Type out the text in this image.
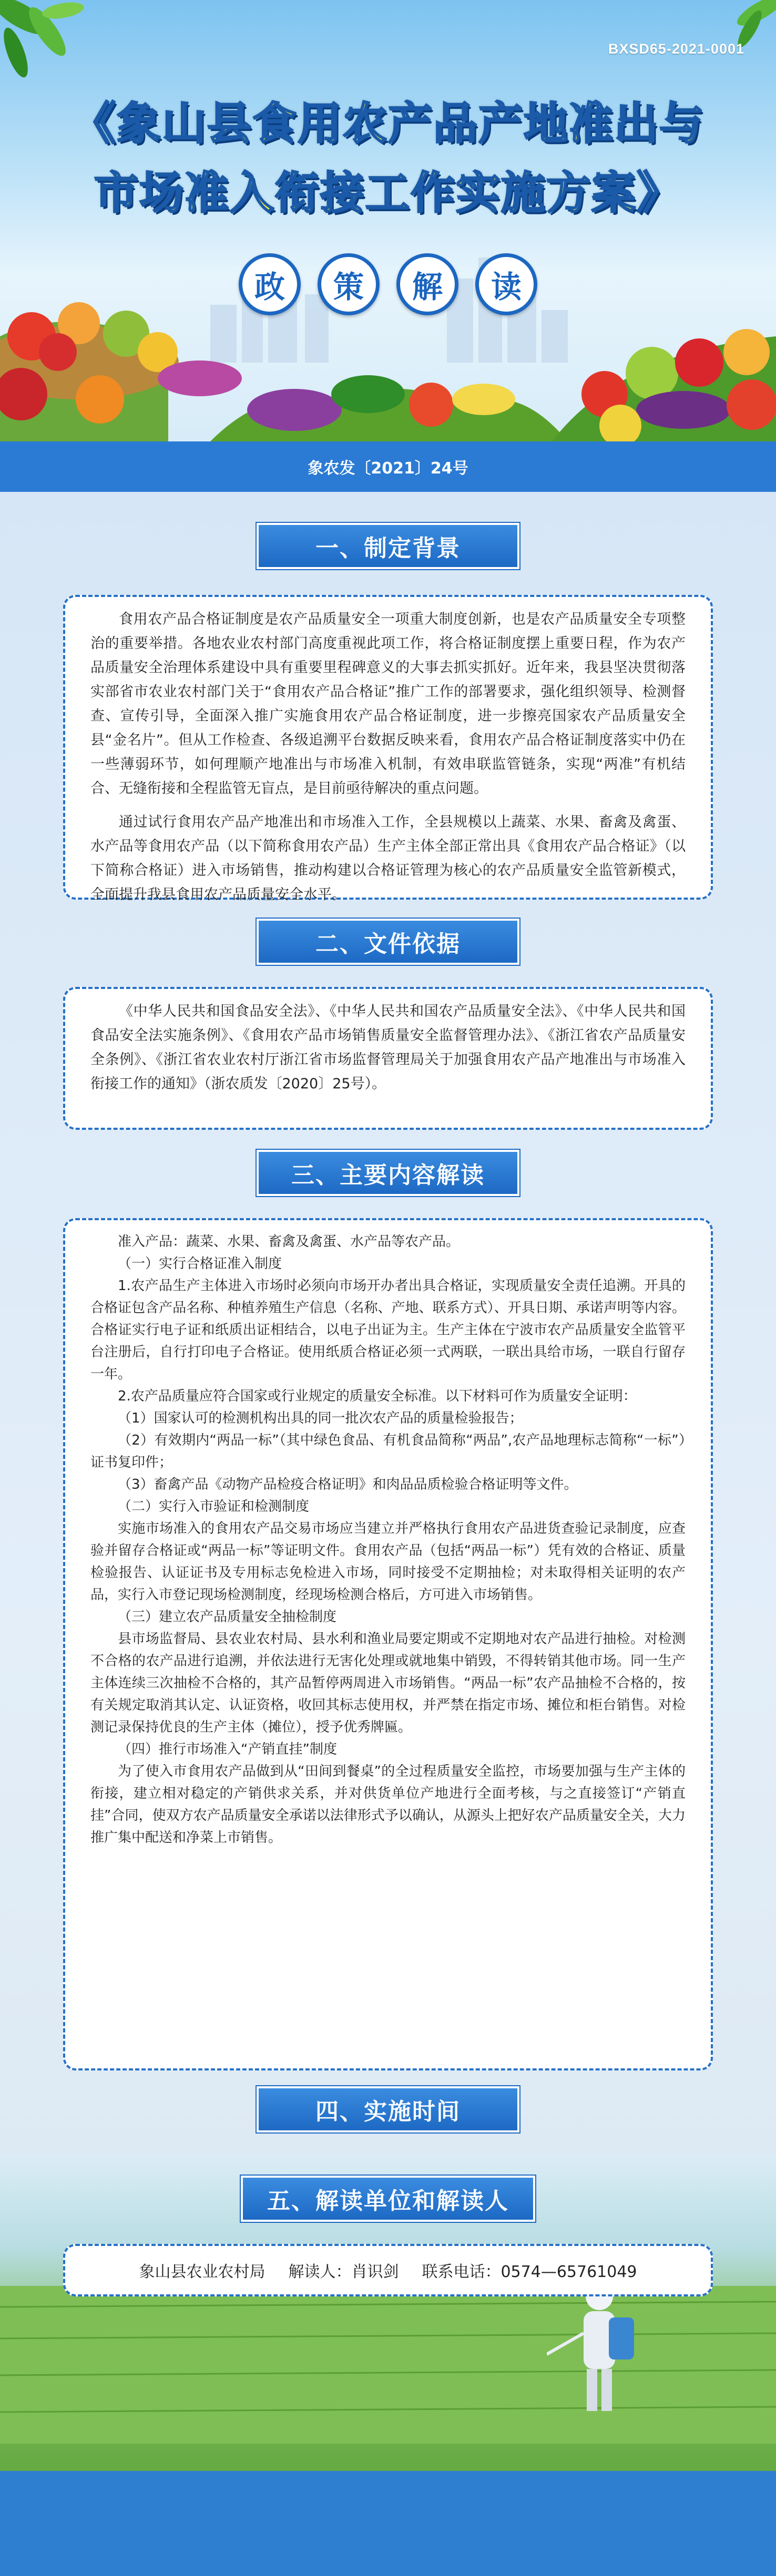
BXSD65-2021-0001
《象山县食用农产品产地准出与
市场准入衔接工作实施方案》
政	策	解	读
象农发〔2021〕24号
一、制定背景

食用农产品合格证制度是农产品质量安全一项重大制度创新，也是农产品质量安全专项整治的重要举措。各地农业农村部门高度重视此项工作，将合格证制度摆上重要日程，作为农产品质量安全治理体系建设中具有重要里程碑意义的大事去抓实抓好。近年来，我县坚决贯彻落实部省市农业农村部门关于“食用农产品合格证”推广工作的部署要求，强化组织领导、检测督查、宣传引导，全面深入推广实施食用农产品合格证制度，进一步擦亮国家农产品质量安全县“金名片”。但从工作检查、各级追溯平台数据反映来看，食用农产品合格证制度落实中仍在一些薄弱环节，如何理顺产地准出与市场准入机制，有效串联监管链条，实现“两准”有机结合、无缝衔接和全程监管无盲点，是目前亟待解决的重点问题。

通过试行食用农产品产地准出和市场准入工作，全县规模以上蔬菜、水果、畜禽及禽蛋、水产品等食用农产品（以下简称食用农产品）生产主体全部正常出具《食用农产品合格证》（以下简称合格证）进入市场销售，推动构建以合格证管理为核心的农产品质量安全监管新模式，全面提升我县食用农产品质量安全水平。

二、文件依据

《中华人民共和国食品安全法》、《中华人民共和国农产品质量安全法》、《中华人民共和国食品安全法实施条例》、《食用农产品市场销售质量安全监督管理办法》、《浙江省农产品质量安全条例》、《浙江省农业农村厅浙江省市场监督管理局关于加强食用农产品产地准出与市场准入衔接工作的通知》（浙农质发〔2020〕25号）。

三、主要内容解读

准入产品：蔬菜、水果、畜禽及禽蛋、水产品等农产品。

（一）实行合格证准入制度

1.农产品生产主体进入市场时必须向市场开办者出具合格证，实现质量安全责任追溯。开具的合格证包含产品名称、种植养殖生产信息（名称、产地、联系方式）、开具日期、承诺声明等内容。合格证实行电子证和纸质出证相结合，以电子出证为主。生产主体在宁波市农产品质量安全监管平台注册后，自行打印电子合格证。使用纸质合格证必须一式两联，一联出具给市场，一联自行留存一年。

2.农产品质量应符合国家或行业规定的质量安全标准。以下材料可作为质量安全证明：

（1）国家认可的检测机构出具的同一批次农产品的质量检验报告；

（2）有效期内“两品一标”（其中绿色食品、有机食品简称“两品”,农产品地理标志简称“一标”）证书复印件；

（3）畜禽产品《动物产品检疫合格证明》和肉品品质检验合格证明等文件。

（二）实行入市验证和检测制度

实施市场准入的食用农产品交易市场应当建立并严格执行食用农产品进货查验记录制度，应查验并留存合格证或“两品一标”等证明文件。食用农产品（包括“两品一标”）凭有效的合格证、质量检验报告、认证证书及专用标志免检进入市场，同时接受不定期抽检；对未取得相关证明的农产品，实行入市登记现场检测制度，经现场检测合格后，方可进入市场销售。

（三）建立农产品质量安全抽检制度

县市场监督局、县农业农村局、县水利和渔业局要定期或不定期地对农产品进行抽检。对检测不合格的农产品进行追溯，并依法进行无害化处理或就地集中销毁，不得转销其他市场。同一生产主体连续三次抽检不合格的，其产品暂停两周进入市场销售。“两品一标”农产品抽检不合格的，按有关规定取消其认定、认证资格，收回其标志使用权，并严禁在指定市场、摊位和柜台销售。对检测记录保持优良的生产主体（摊位），授予优秀牌匾。

（四）推行市场准入“产销直挂”制度

为了使入市食用农产品做到从“田间到餐桌”的全过程质量安全监控，市场要加强与生产主体的衔接，建立相对稳定的产销供求关系，并对供货单位产地进行全面考核，与之直接签订“产销直挂”合同，使双方农产品质量安全承诺以法律形式予以确认，从源头上把好农产品质量安全关，大力推广集中配送和净菜上市销售。

四、实施时间

五、解读单位和解读人
象山县农业农村局 解读人：肖识剑 联系电话：0574—65761049
